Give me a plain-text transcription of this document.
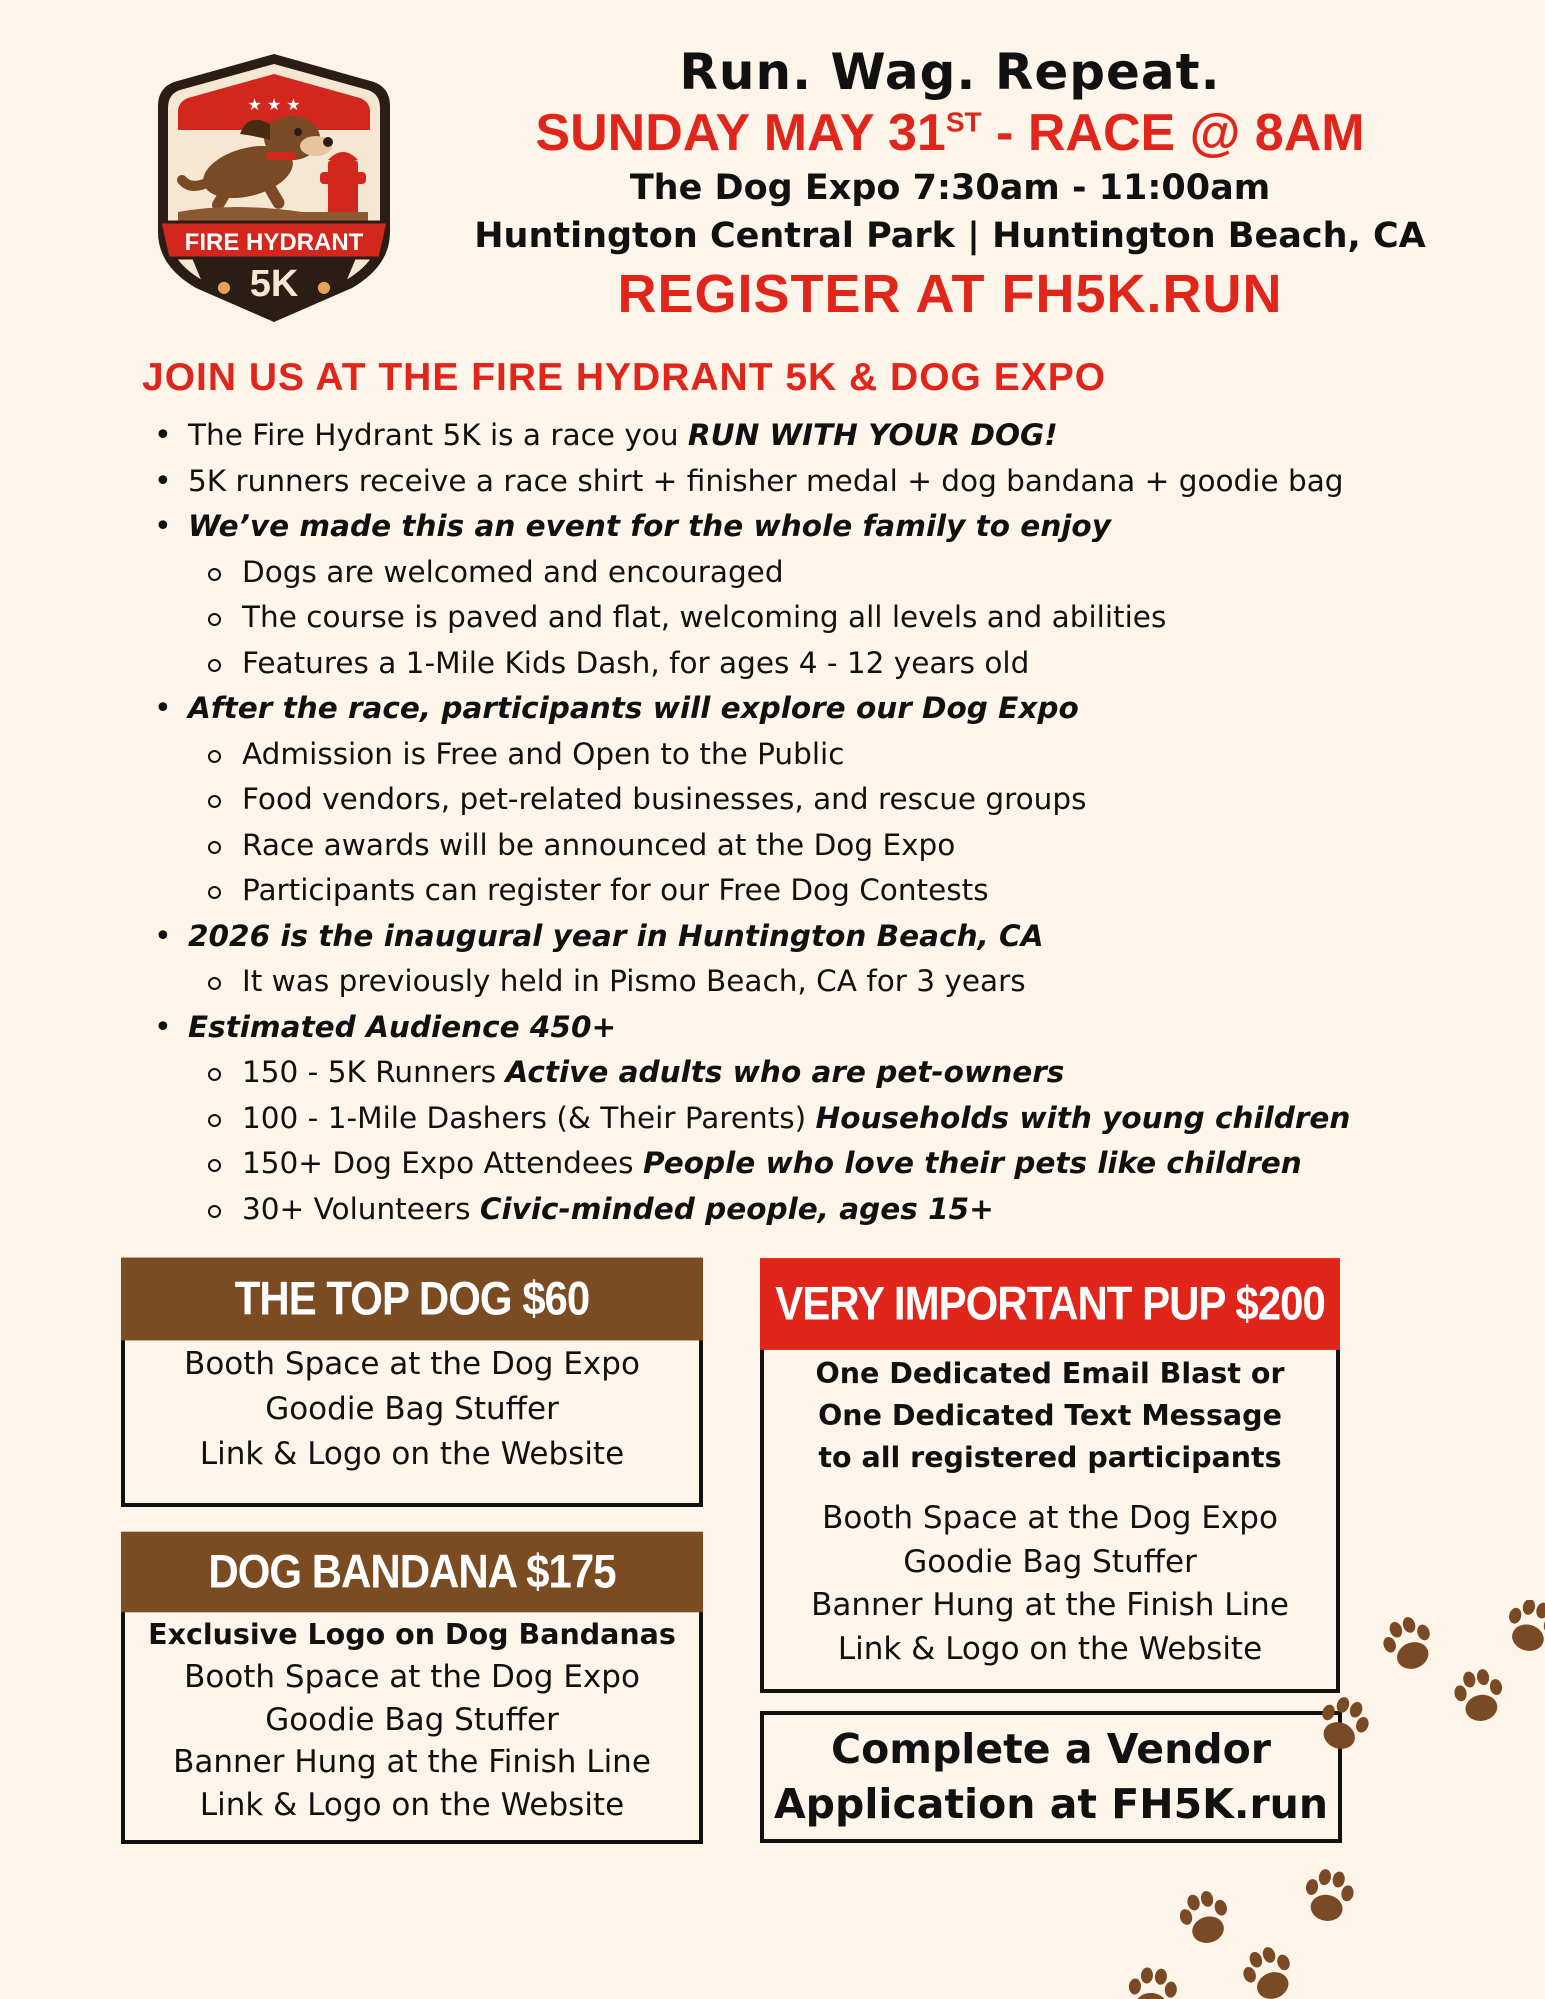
★ ★ ★
FIRE HYDRANT
5K
●	●
Run. Wag. Repeat.
SUNDAY MAY 31ST - RACE @ 8AM
The Dog Expo 7:30am - 11:00am
Huntington Central Park | Huntington Beach, CA
REGISTER AT FH5K.RUN
JOIN US AT THE FIRE HYDRANT 5K & DOG EXPO
• The Fire Hydrant 5K is a race you RUN WITH YOUR DOG!
• 5K runners receive a race shirt + finisher medal + dog bandana + goodie bag
• We’ve made this an event for the whole family to enjoy
Dogs are welcomed and encouraged
The course is paved and flat, welcoming all levels and abilities
Features a 1-Mile Kids Dash, for ages 4 - 12 years old
• After the race, participants will explore our Dog Expo
Admission is Free and Open to the Public
Food vendors, pet-related businesses, and rescue groups
Race awards will be announced at the Dog Expo
Participants can register for our Free Dog Contests
• 2026 is the inaugural year in Huntington Beach, CA
It was previously held in Pismo Beach, CA for 3 years
• Estimated Audience 450+
150 - 5K Runners Active adults who are pet-owners
100 - 1-Mile Dashers (& Their Parents) Households with young children
150+ Dog Expo Attendees People who love their pets like children
30+ Volunteers Civic-minded people, ages 15+
THE TOP DOG $60
Booth Space at the Dog Expo
Goodie Bag Stuffer
Link & Logo on the Website
DOG BANDANA $175
Exclusive Logo on Dog Bandanas
Booth Space at the Dog Expo
Goodie Bag Stuffer
Banner Hung at the Finish Line
Link & Logo on the Website
VERY IMPORTANT PUP $200
One Dedicated Email Blast or
One Dedicated Text Message
to all registered participants
Booth Space at the Dog Expo
Goodie Bag Stuffer
Banner Hung at the Finish Line
Link & Logo on the Website
Complete a Vendor
Application at FH5K.run
